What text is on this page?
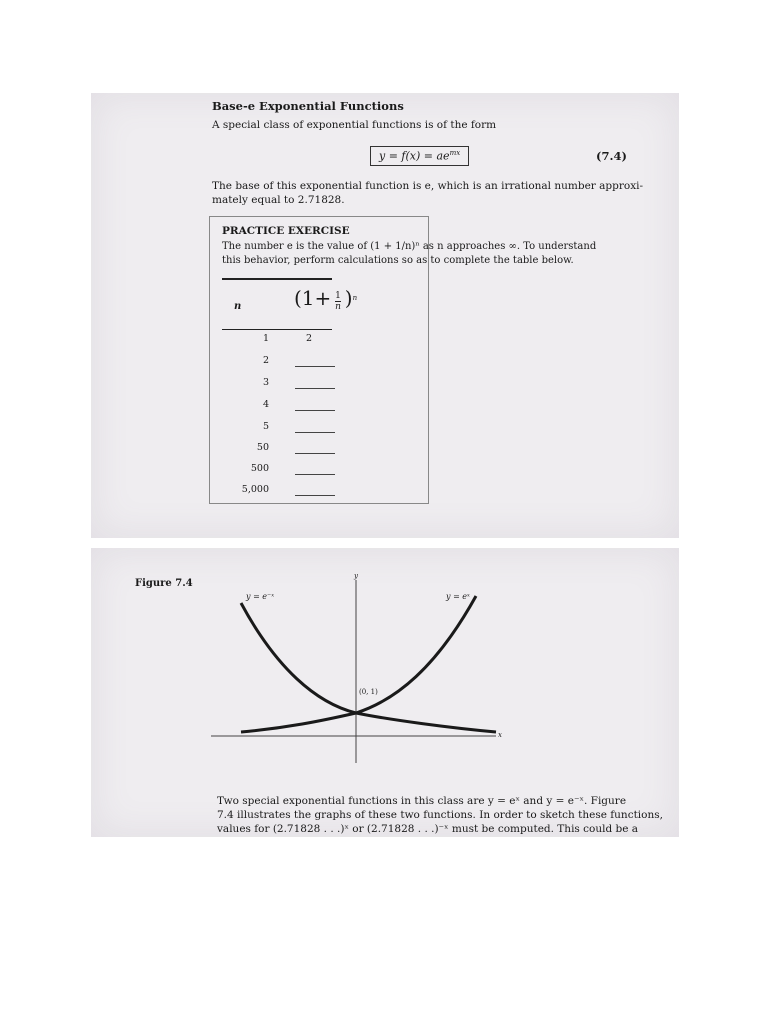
Base-e Exponential Functions
A special class of exponential functions is of the form
$y = f(x) = ae^{mx}$	(7.4)
The base of this exponential function is e, which is an irrational number approxi-
mately equal to 2.71828.
PRACTICE EXERCISE
The number e is the value of (1 + 1/n)ⁿ as n approaches ∞. To understand
this behavior, perform calculations so as to complete the table below.
n	$(1+ \frac{1}{n} )^n$
1	2
2
3
4
5
50
500
5,000
Figure 7.4
y
x
y = e⁻ˣ	y = eˣ
(0, 1)
Two special exponential functions in this class are y = eˣ and y = e⁻ˣ. Figure
7.4 illustrates the graphs of these two functions. In order to sketch these functions,
values for (2.71828 . . .)ˣ or (2.71828 . . .)⁻ˣ must be computed. This could be a
